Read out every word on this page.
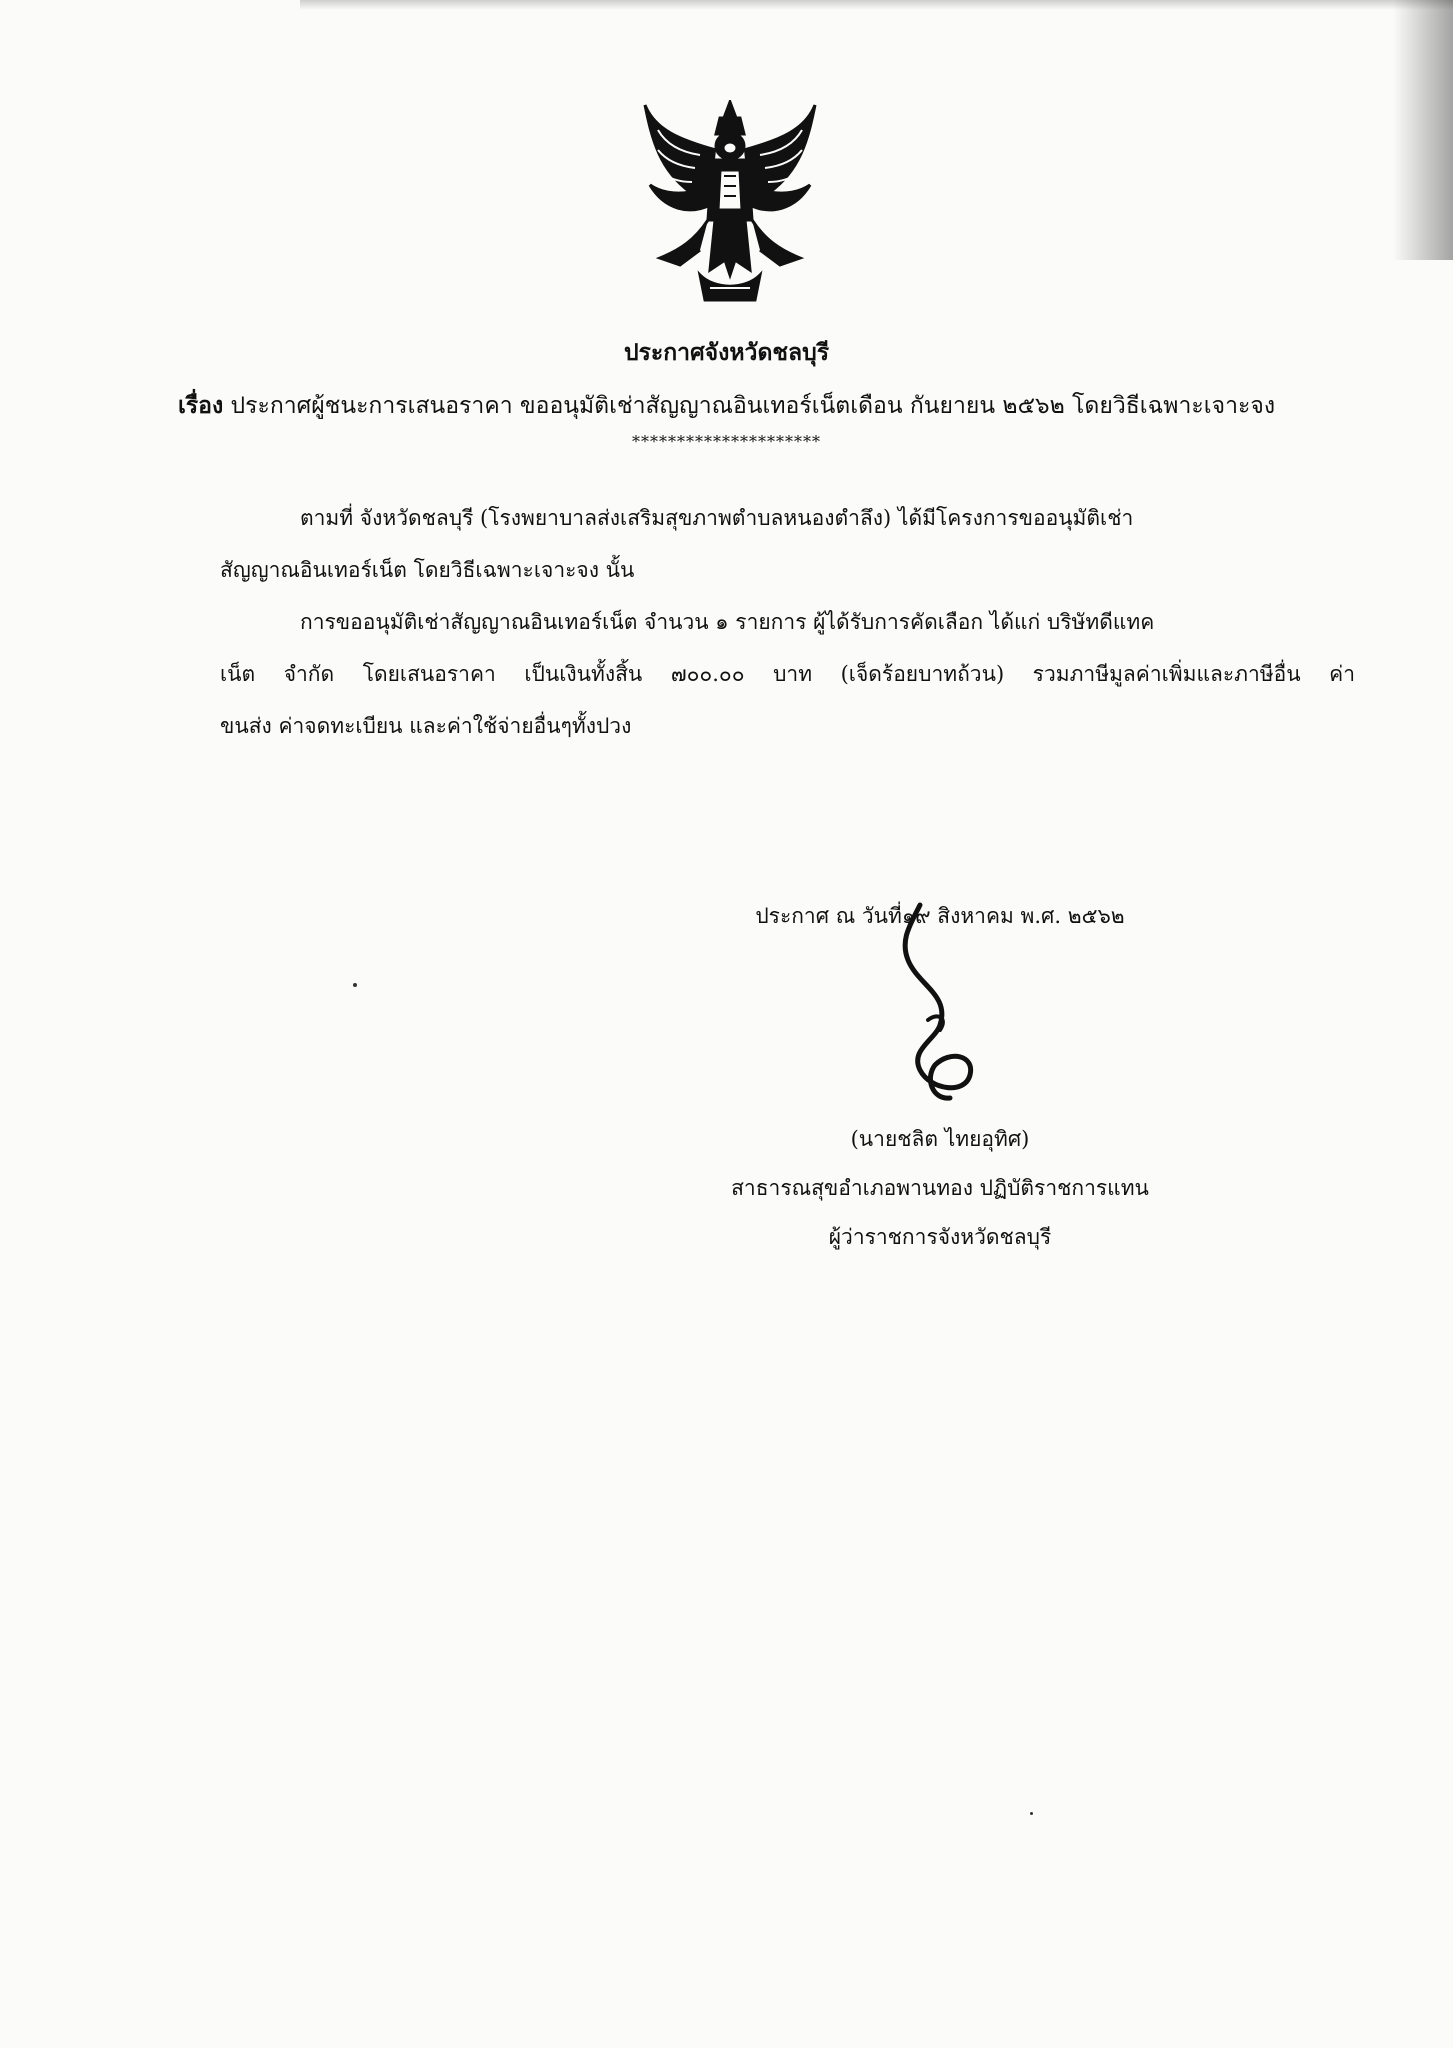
ประกาศจังหวัดชลบุรี
เรื่อง ประกาศผู้ชนะการเสนอราคา ขออนุมัติเช่าสัญญาณอินเทอร์เน็ตเดือน กันยายน ๒๕๖๒ โดยวิธีเฉพาะเจาะจง
*********************
ตามที่ จังหวัดชลบุรี (โรงพยาบาลส่งเสริมสุขภาพตำบลหนองตำลึง) ได้มีโครงการขออนุมัติเช่า
สัญญาณอินเทอร์เน็ต โดยวิธีเฉพาะเจาะจง นั้น
การขออนุมัติเช่าสัญญาณอินเทอร์เน็ต จำนวน ๑ รายการ ผู้ได้รับการคัดเลือก ได้แก่ บริษัทดีแทค
เน็ต จำกัด โดยเสนอราคา เป็นเงินทั้งสิ้น ๗๐๐.๐๐ บาท (เจ็ดร้อยบาทถ้วน) รวมภาษีมูลค่าเพิ่มและภาษีอื่น ค่า
ขนส่ง ค่าจดทะเบียน และค่าใช้จ่ายอื่นๆทั้งปวง
ประกาศ ณ วันที่๑๙ สิงหาคม พ.ศ. ๒๕๖๒
(นายชลิต ไทยอุทิศ)
สาธารณสุขอำเภอพานทอง ปฏิบัติราชการแทน
ผู้ว่าราชการจังหวัดชลบุรี
